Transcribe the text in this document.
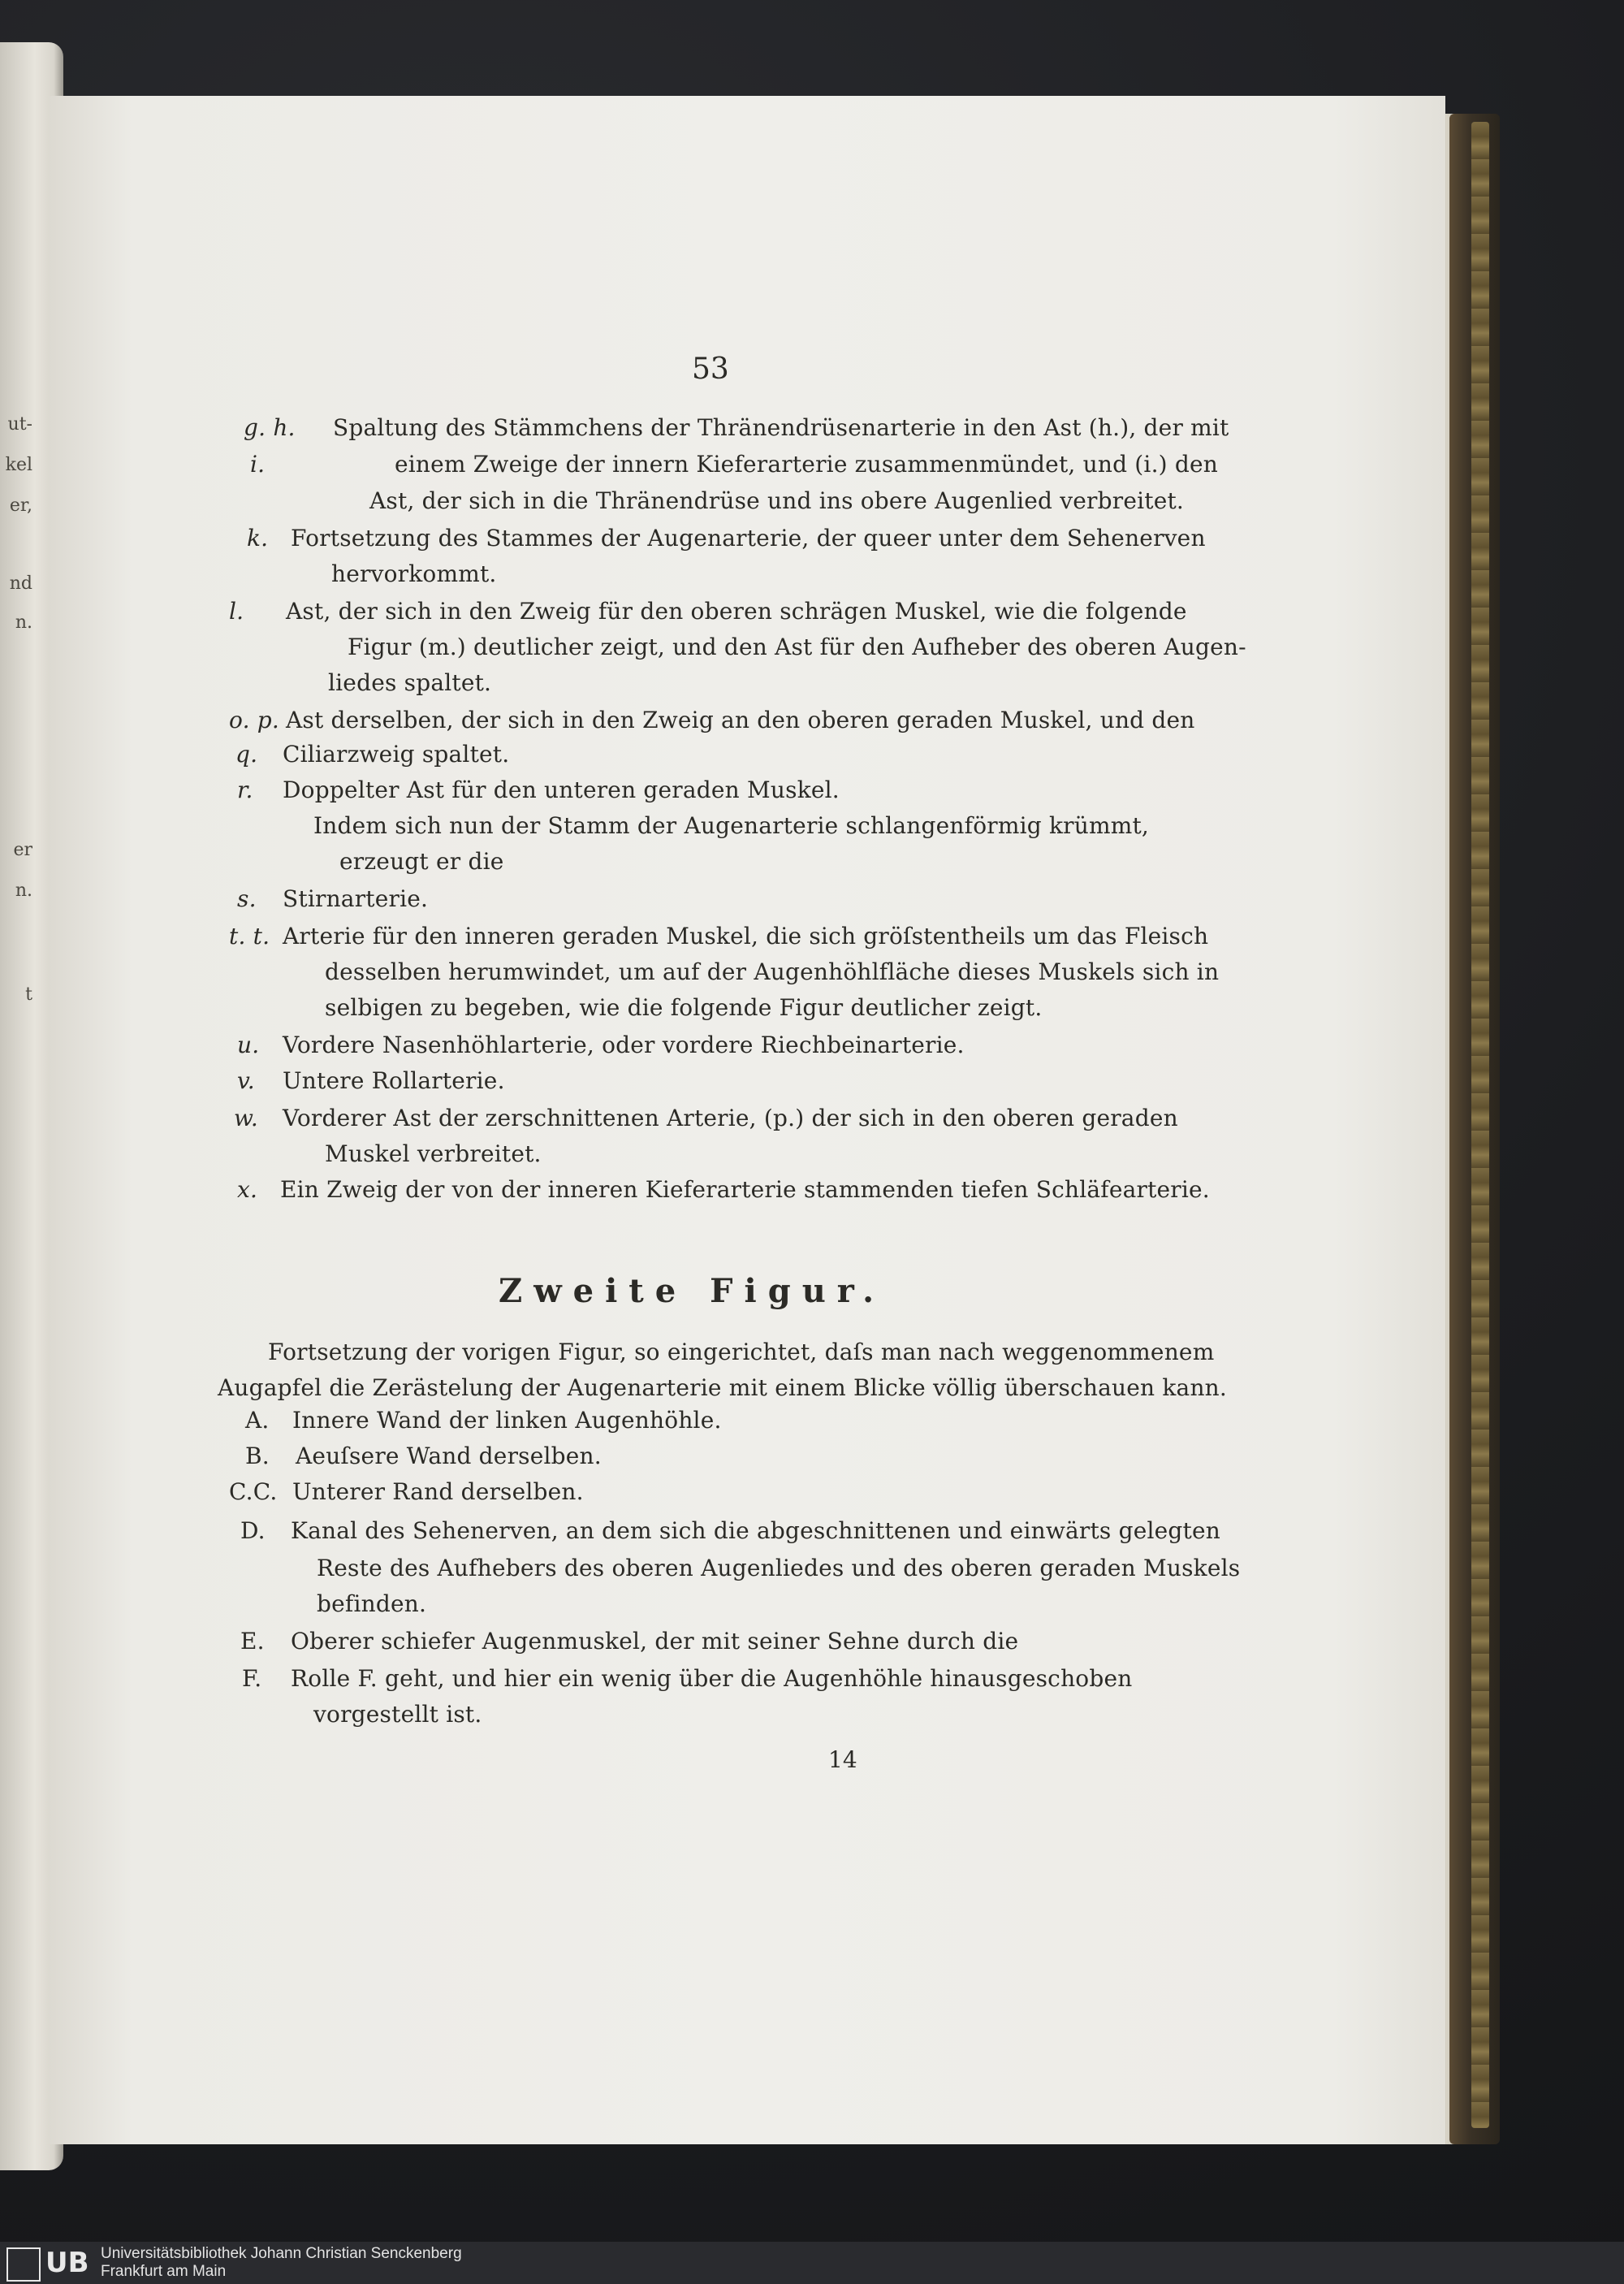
ut-
kel
er,
nd
n.
er
n.
t
53
g. h. Spaltung des Stämmchens der Thränendrüsenarterie in den Ast (h.), der mit
i.	einem Zweige der innern Kieferarterie zusammenmündet, und (i.) den
Ast, der sich in die Thränendrüse und ins obere Augenlied verbreitet.
k. Fortsetzung des Stammes der Augenarterie, der queer unter dem Sehenerven
hervorkommt.
l. Ast, der sich in den Zweig für den oberen schrägen Muskel, wie die folgende
Figur (m.) deutlicher zeigt, und den Ast für den Aufheber des oberen Augen-
liedes spaltet.
o. p. Ast derselben, der sich in den Zweig an den oberen geraden Muskel, und den
q. Ciliarzweig spaltet.
r. Doppelter Ast für den unteren geraden Muskel.
Indem sich nun der Stamm der Augenarterie schlangenförmig krümmt,
erzeugt er die
s. Stirnarterie.
t. t. Arterie für den inneren geraden Muskel, die sich gröſstentheils um das Fleisch
desselben herumwindet, um auf der Augenhöhlfläche dieses Muskels sich in
selbigen zu begeben, wie die folgende Figur deutlicher zeigt.
u. Vordere Nasenhöhlarterie, oder vordere Riechbeinarterie.
v. Untere Rollarterie.
w. Vorderer Ast der zerschnittenen Arterie, (p.) der sich in den oberen geraden
Muskel verbreitet.
x. Ein Zweig der von der inneren Kieferarterie stammenden tiefen Schläfearterie.
Zweite Figur.
Fortsetzung der vorigen Figur, so eingerichtet, daſs man nach weggenommenem
Augapfel die Zerästelung der Augenarterie mit einem Blicke völlig überschauen kann.
A. Innere Wand der linken Augenhöhle.
B. Aeuſsere Wand derselben.
C.C. Unterer Rand derselben.
D. Kanal des Sehenerven, an dem sich die abgeschnittenen und einwärts gelegten
Reste des Aufhebers des oberen Augenliedes und des oberen geraden Muskels
befinden.
E. Oberer schiefer Augenmuskel, der mit seiner Sehne durch die
F. Rolle F. geht, und hier ein wenig über die Augenhöhle hinausgeschoben
vorgestellt ist.
14
UB Universitätsbibliothek Johann Christian Senckenberg
Frankfurt am Main
